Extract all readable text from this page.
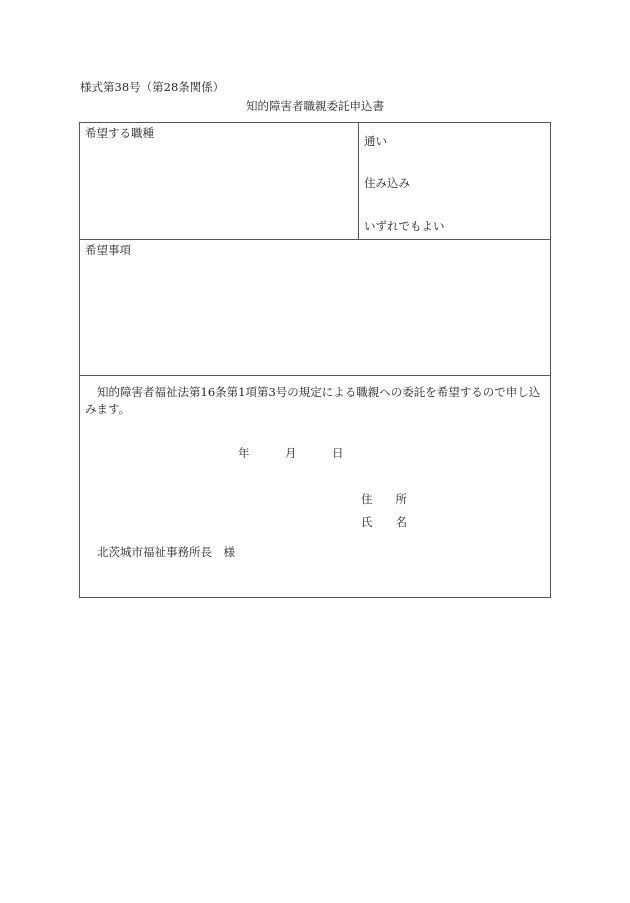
様式第38号（第28条関係）
知的障害者職親委託申込書
希望する職種
通い
住み込み
いずれでもよい
希望事項
知的障害者福祉法第16条第1項第3号の規定による職親への委託を希望するので申し込みます。
年	月	日
住　　所
氏　　名
北茨城市福祉事務所長　様
